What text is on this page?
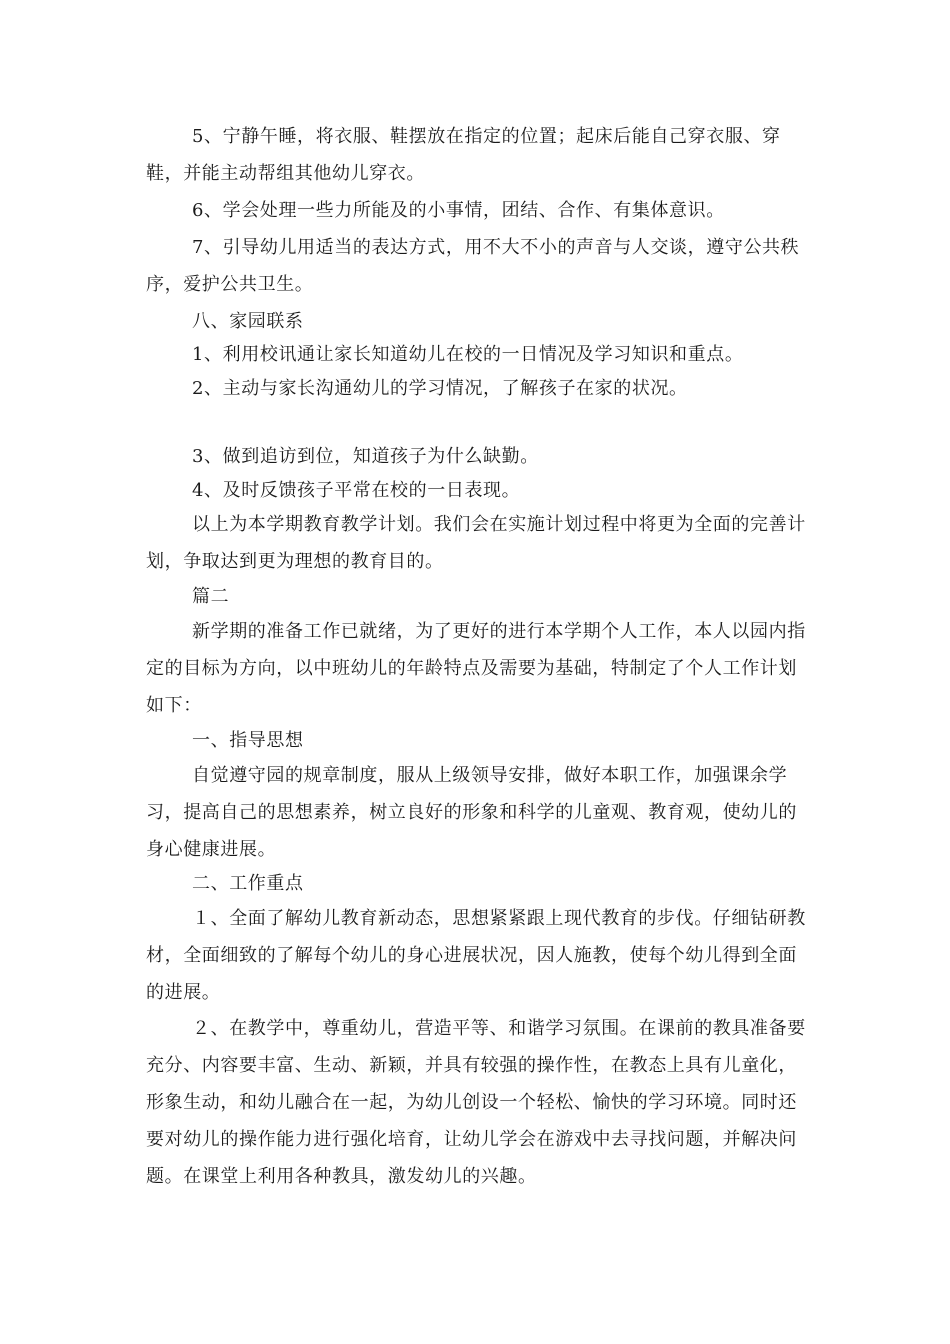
5、宁静午睡，将衣服、鞋摆放在指定的位置；起床后能自己穿衣服、穿鞋，并能主动帮组其他幼儿穿衣。

6、学会处理一些力所能及的小事情，团结、合作、有集体意识。

7、引导幼儿用适当的表达方式，用不大不小的声音与人交谈，遵守公共秩序，爱护公共卫生。

八、家园联系

1、利用校讯通让家长知道幼儿在校的一日情况及学习知识和重点。

2、主动与家长沟通幼儿的学习情况，了解孩子在家的状况。

3、做到追访到位，知道孩子为什么缺勤。

4、及时反馈孩子平常在校的一日表现。

以上为本学期教育教学计划。我们会在实施计划过程中将更为全面的完善计划，争取达到更为理想的教育目的。

篇二

新学期的准备工作已就绪，为了更好的进行本学期个人工作，本人以园内指定的目标为方向，以中班幼儿的年龄特点及需要为基础，特制定了个人工作计划如下：

一、指导思想

自觉遵守园的规章制度，服从上级领导安排，做好本职工作，加强课余学习，提高自己的思想素养，树立良好的形象和科学的儿童观、教育观，使幼儿的身心健康进展。

二、工作重点

１、全面了解幼儿教育新动态，思想紧紧跟上现代教育的步伐。仔细钻研教材，全面细致的了解每个幼儿的身心进展状况，因人施教，使每个幼儿得到全面的进展。

２、在教学中，尊重幼儿，营造平等、和谐学习氛围。在课前的教具准备要充分、内容要丰富、生动、新颖，并具有较强的操作性，在教态上具有儿童化，形象生动，和幼儿融合在一起，为幼儿创设一个轻松、愉快的学习环境。同时还要对幼儿的操作能力进行强化培育，让幼儿学会在游戏中去寻找问题，并解决问题。在课堂上利用各种教具，激发幼儿的兴趣。
